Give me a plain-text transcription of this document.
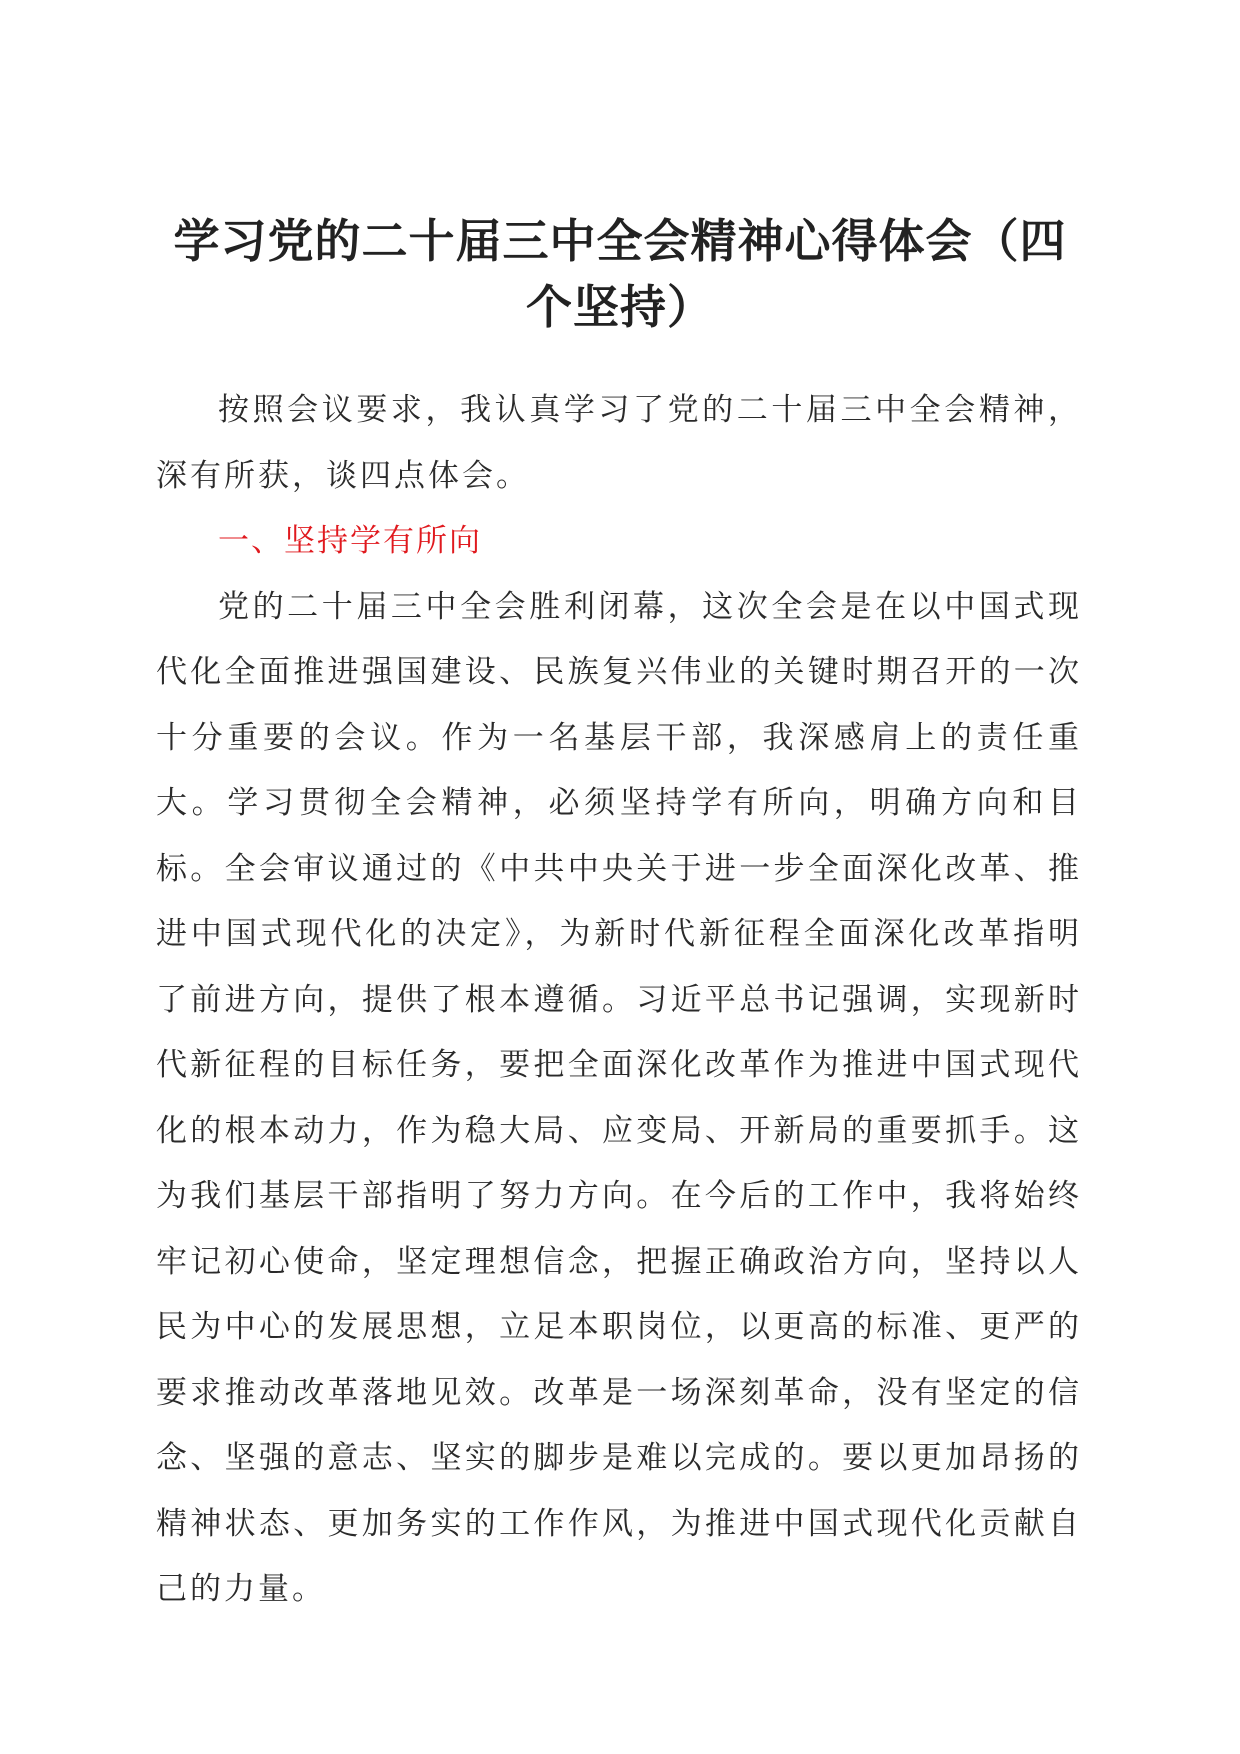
学习党的二十届三中全会精神心得体会（四个坚持）

按照会议要求，我认真学习了党的二十届三中全会精神，深有所获，谈四点体会。

一、坚持学有所向

党的二十届三中全会胜利闭幕，这次全会是在以中国式现代化全面推进强国建设、民族复兴伟业的关键时期召开的一次十分重要的会议。作为一名基层干部，我深感肩上的责任重大。学习贯彻全会精神，必须坚持学有所向，明确方向和目标。全会审议通过的《中共中央关于进一步全面深化改革、推进中国式现代化的决定》，为新时代新征程全面深化改革指明了前进方向，提供了根本遵循。习近平总书记强调，实现新时代新征程的目标任务，要把全面深化改革作为推进中国式现代化的根本动力，作为稳大局、应变局、开新局的重要抓手。这为我们基层干部指明了努力方向。在今后的工作中，我将始终牢记初心使命，坚定理想信念，把握正确政治方向，坚持以人民为中心的发展思想，立足本职岗位，以更高的标准、更严的要求推动改革落地见效。改革是一场深刻革命，没有坚定的信念、坚强的意志、坚实的脚步是难以完成的。要以更加昂扬的精神状态、更加务实的工作作风，为推进中国式现代化贡献自己的力量。
